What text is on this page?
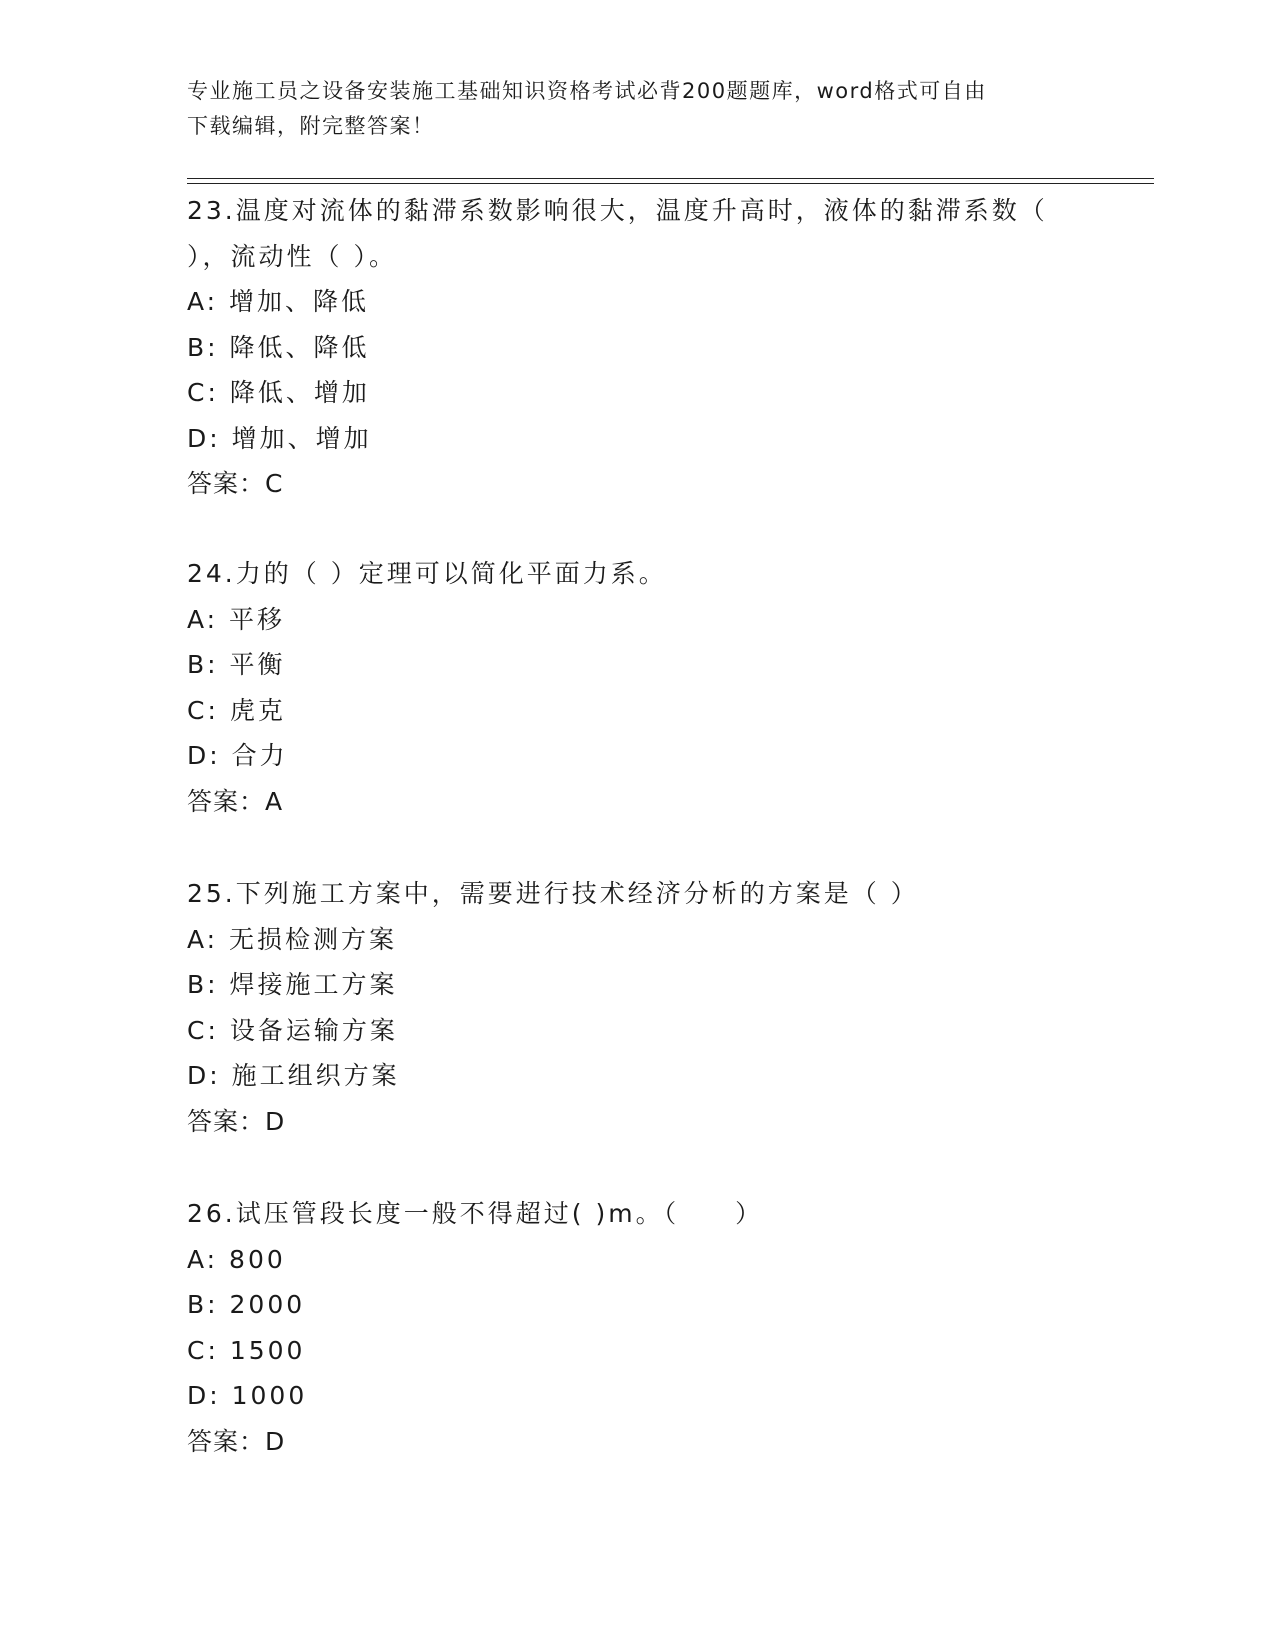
专业施工员之设备安装施工基础知识资格考试必背200题题库，word格式可自由
下载编辑，附完整答案！
23.温度对流体的黏滞系数影响很大，温度升高时，液体的黏滞系数（
），流动性（ ）。
A: 增加、降低
B: 降低、降低
C: 降低、增加
D: 增加、增加
答案：C
24.力的（ ）定理可以简化平面力系。
A: 平移
B: 平衡
C: 虎克
D: 合力
答案：A
25.下列施工方案中，需要进行技术经济分析的方案是（ ）
A: 无损检测方案
B: 焊接施工方案
C: 设备运输方案
D: 施工组织方案
答案：D
26.试压管段长度一般不得超过( )m。（　　）
A: 800
B: 2000
C: 1500
D: 1000
答案：D
